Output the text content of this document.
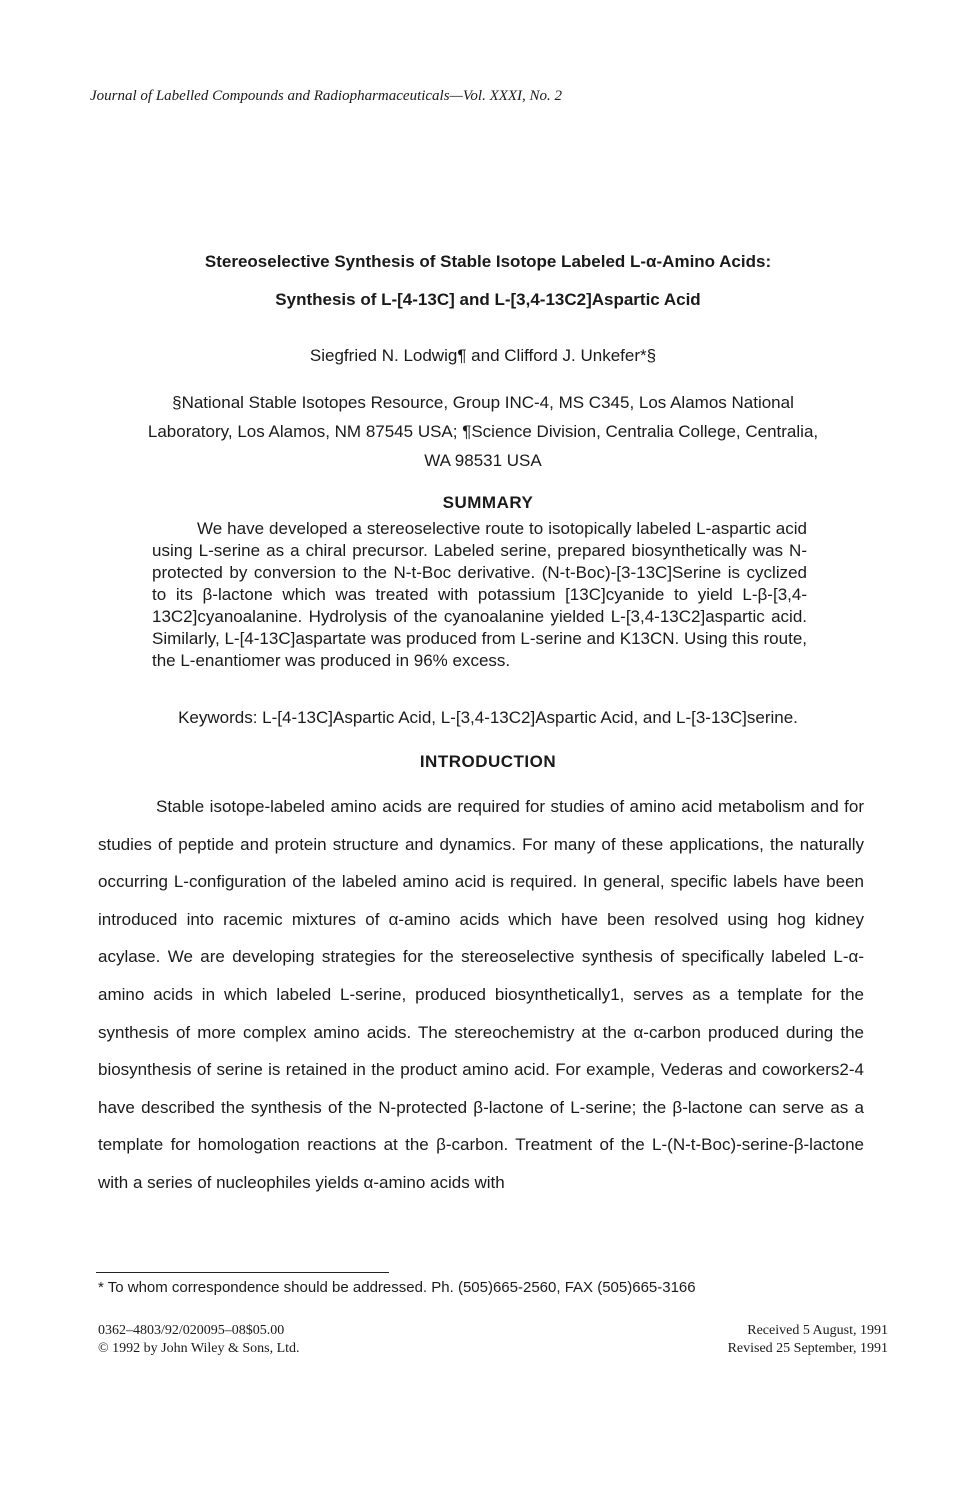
Journal of Labelled Compounds and Radiopharmaceuticals—Vol. XXXI, No. 2
Stereoselective Synthesis of Stable Isotope Labeled L-α-Amino Acids:
Synthesis of L-[4-13C] and L-[3,4-13C2]Aspartic Acid
Siegfried N. Lodwig¶ and Clifford J. Unkefer*§
§National Stable Isotopes Resource, Group INC-4, MS C345, Los Alamos National
Laboratory, Los Alamos, NM 87545 USA; ¶Science Division, Centralia College, Centralia,
WA 98531 USA
SUMMARY

We have developed a stereoselective route to isotopically labeled L-aspartic acid using L-serine as a chiral precursor. Labeled serine, prepared biosynthetically was N-protected by conversion to the N-t-Boc derivative. (N-t-Boc)-[3-13C]Serine is cyclized to its β-lactone which was treated with potassium [13C]cyanide to yield L-β-[3,4-13C2]cyanoalanine. Hydrolysis of the cyanoalanine yielded L-[3,4-13C2]aspartic acid. Similarly, L-[4-13C]aspartate was produced from L-serine and K13CN. Using this route, the L-enantiomer was produced in 96% excess.

Keywords: L-[4-13C]Aspartic Acid, L-[3,4-13C2]Aspartic Acid, and L-[3-13C]serine.
INTRODUCTION

Stable isotope-labeled amino acids are required for studies of amino acid metabolism and for studies of peptide and protein structure and dynamics. For many of these applications, the naturally occurring L-configuration of the labeled amino acid is required. In general, specific labels have been introduced into racemic mixtures of α-amino acids which have been resolved using hog kidney acylase. We are developing strategies for the stereoselective synthesis of specifically labeled L-α-amino acids in which labeled L-serine, produced biosynthetically1, serves as a template for the synthesis of more complex amino acids. The stereochemistry at the α-carbon produced during the biosynthesis of serine is retained in the product amino acid. For example, Vederas and coworkers2-4 have described the synthesis of the N-protected β-lactone of L-serine; the β-lactone can serve as a template for homologation reactions at the β-carbon. Treatment of the L-(N-t-Boc)-serine-β-lactone with a series of nucleophiles yields α-amino acids with

* To whom correspondence should be addressed. Ph. (505)665-2560, FAX (505)665-3166
0362–4803/92/020095–08$05.00
© 1992 by John Wiley & Sons, Ltd.
Received 5 August, 1991
Revised 25 September, 1991
